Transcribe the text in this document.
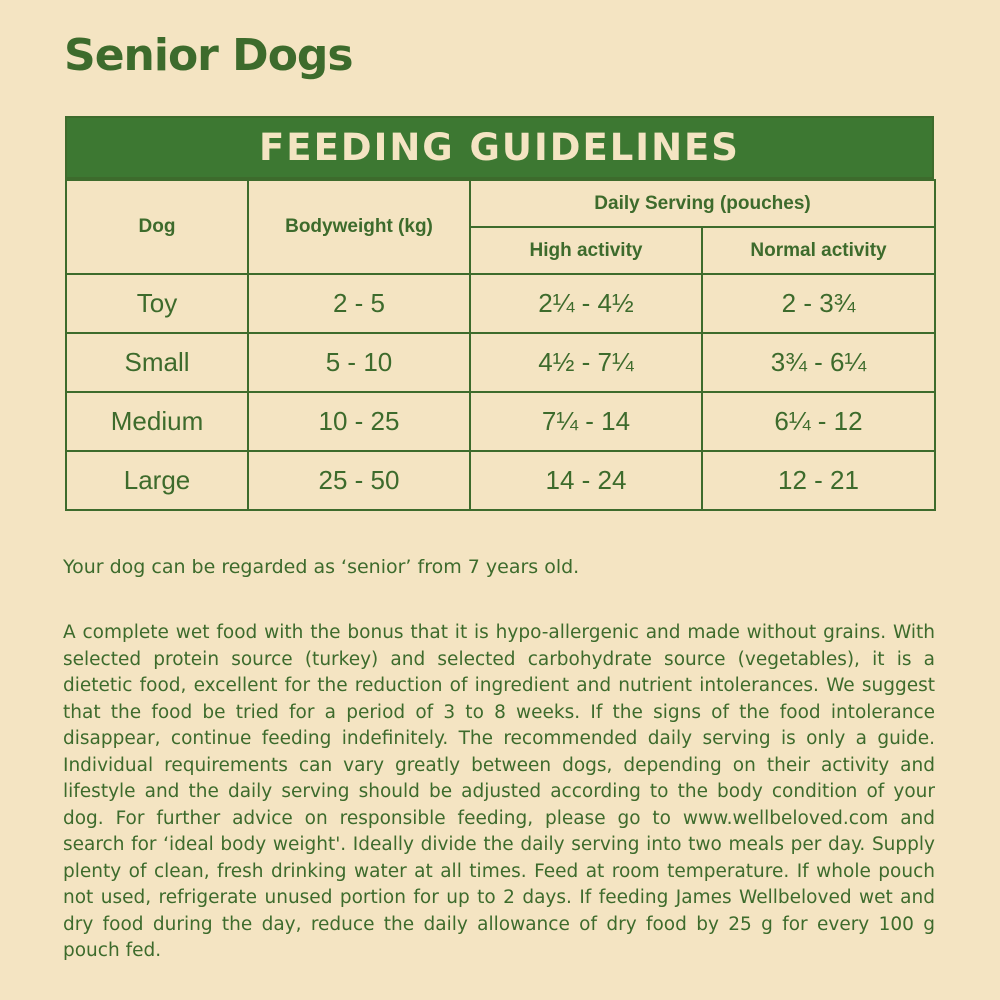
Senior Dogs
FEEDING GUIDELINES
Dog	Bodyweight (kg)	Daily Serving (pouches)	
		High activity	Normal activity
Toy	2 - 5	2¼ - 4½	2 - 3¾
Small	5 - 10	4½ - 7¼	3¾ - 6¼
Medium	10 - 25	7¼ - 14	6¼ - 12
Large	25 - 50	14 - 24	12 - 21

Your dog can be regarded as ‘senior’ from 7 years old.

A complete wet food with the bonus that it is hypo-allergenic and made without grains. With selected protein source (turkey) and selected carbohydrate source (vegetables), it is a dietetic food, excellent for the reduction of ingredient and nutrient intolerances. We suggest that the food be tried for a period of 3 to 8 weeks. If the signs of the food intolerance disappear, continue feeding indefinitely. The recommended daily serving is only a guide. Individual requirements can vary greatly between dogs, depending on their activity and lifestyle and the daily serving should be adjusted according to the body condition of your dog. For further advice on responsible feeding, please go to www.wellbeloved.com and search for ‘ideal body weight'. Ideally divide the daily serving into two meals per day. Supply plenty of clean, fresh drinking water at all times. Feed at room temperature. If whole pouch not used, refrigerate unused portion for up to 2 days. If feeding James Wellbeloved wet and dry food during the day, reduce the daily allowance of dry food by 25 g for every 100 g pouch fed.
